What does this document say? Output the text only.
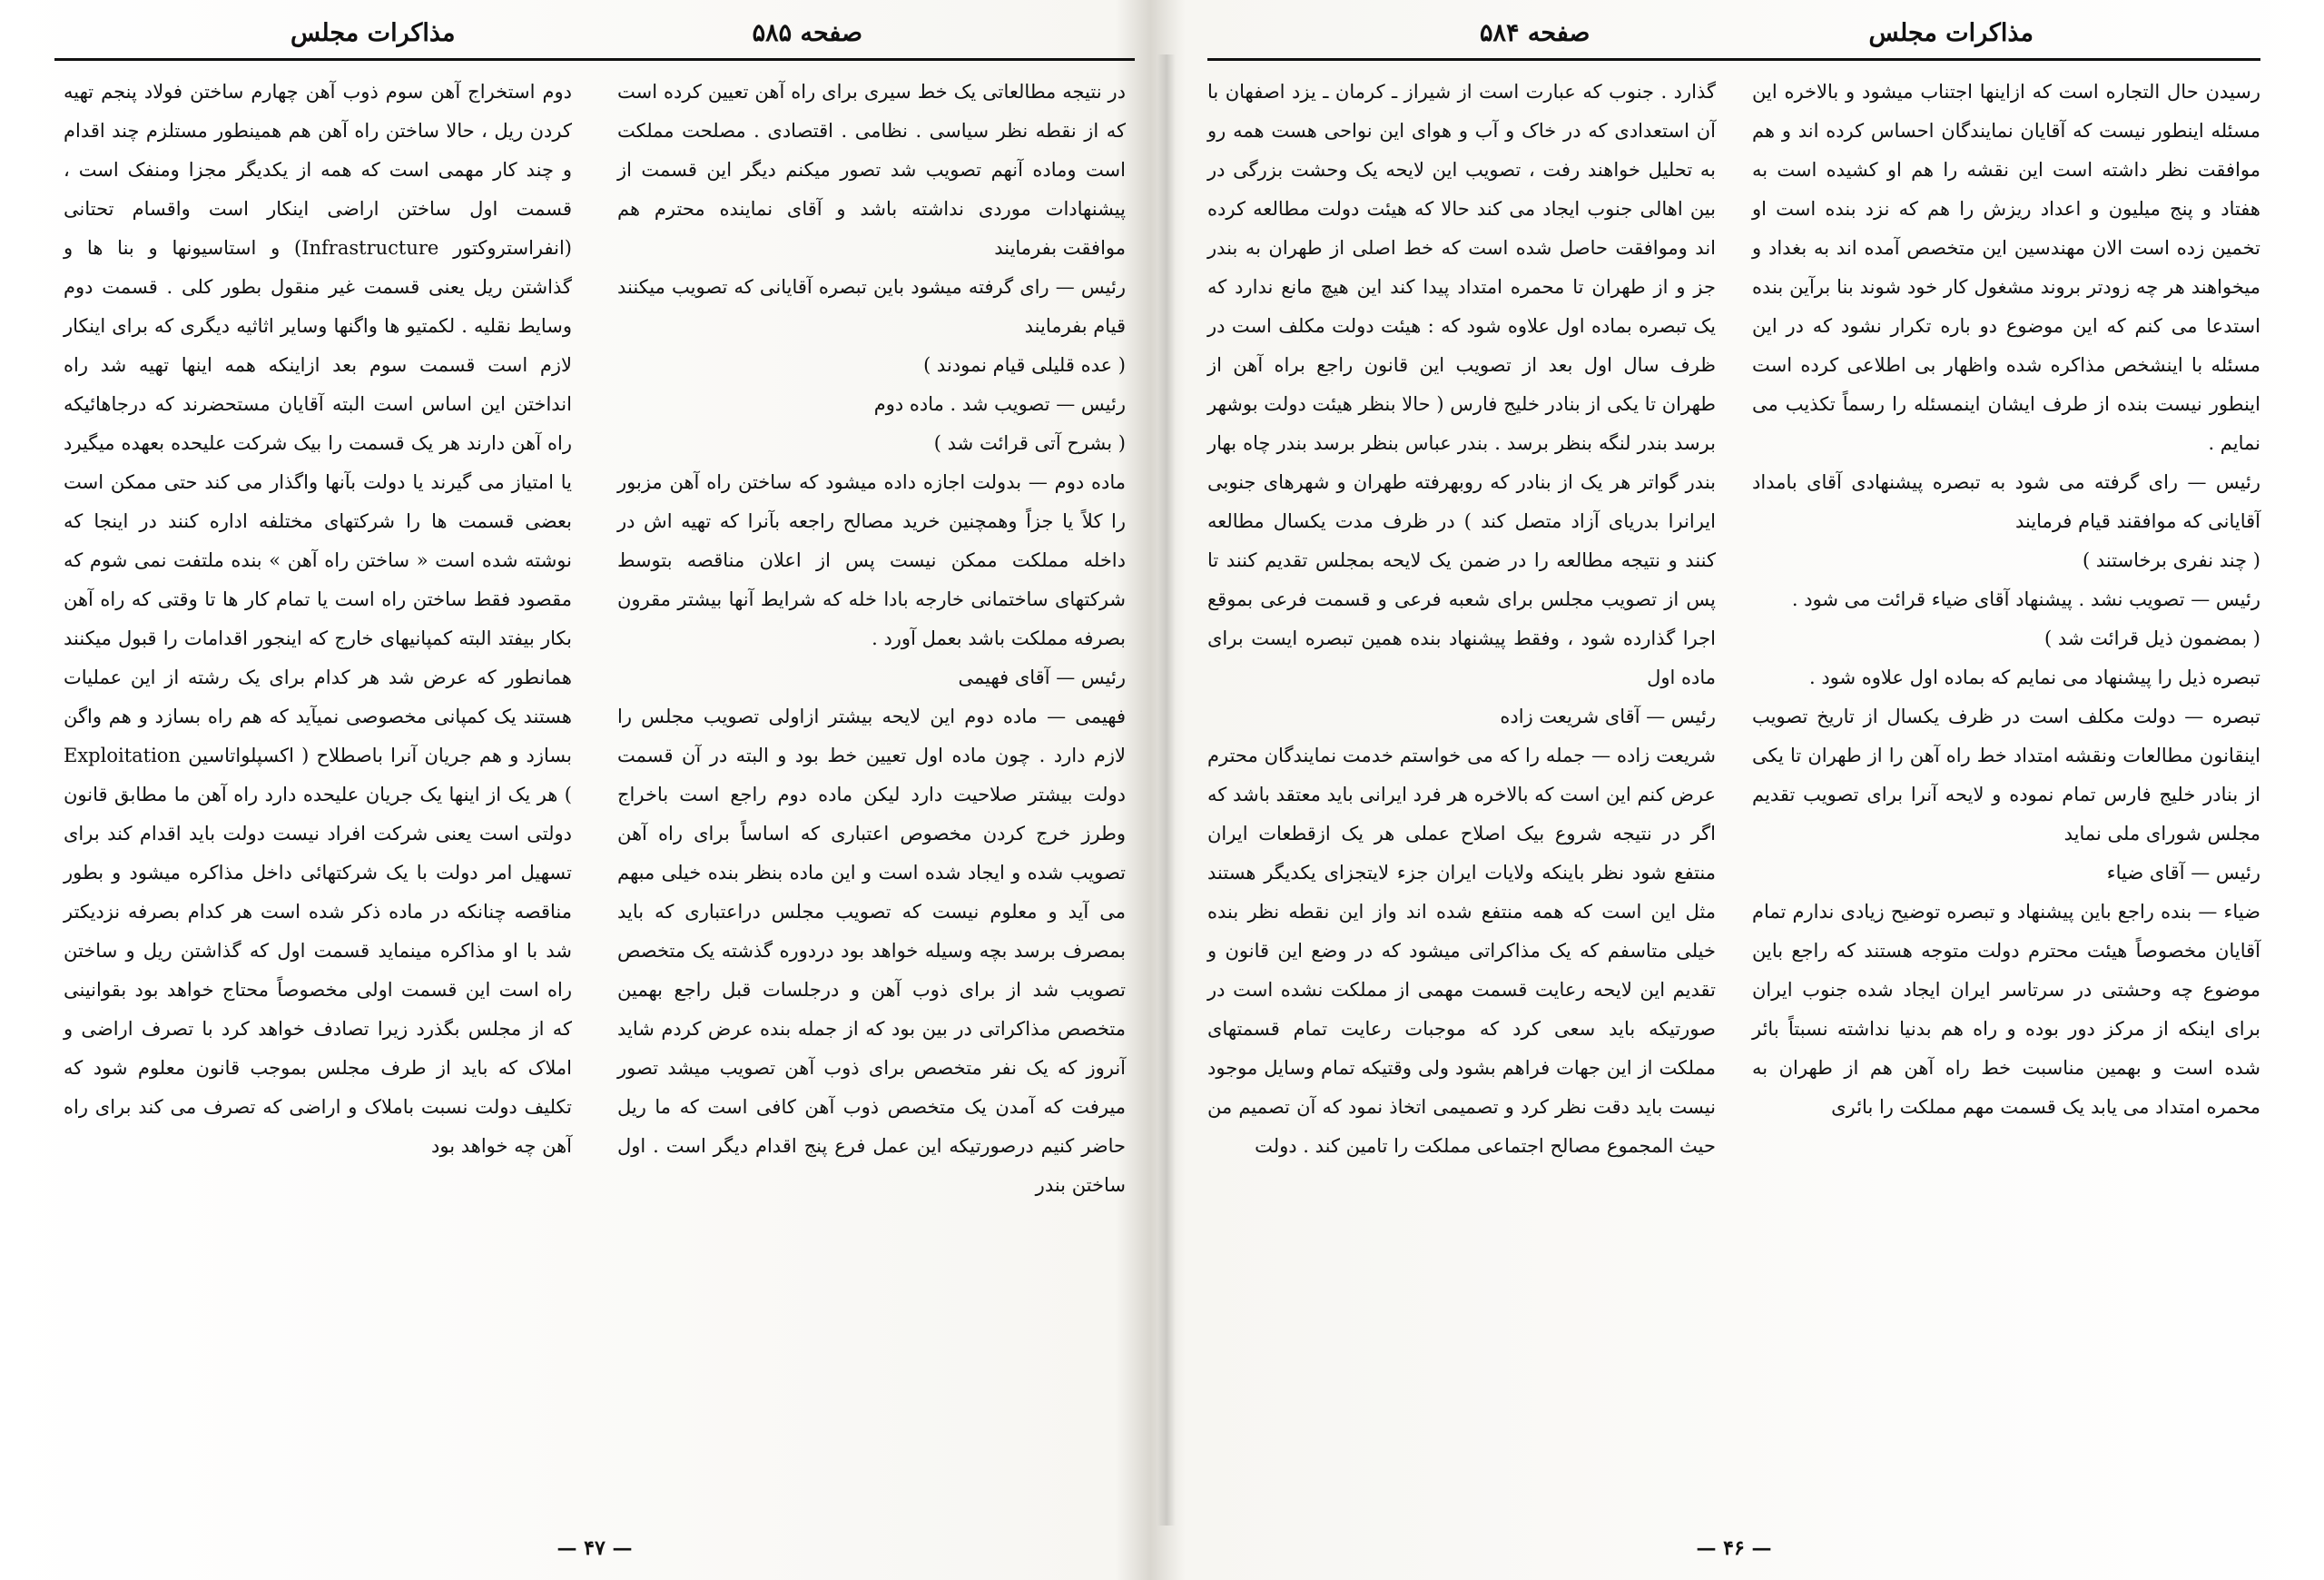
صفحه ۵۸۵
مذاکرات مجلس
در نتیجه مطالعاتی یک خط سیری برای راه آهن تعیین کرده است که از نقطه نظر سیاسی . نظامی . اقتصادی . مصلحت مملکت است وماده آنهم تصویب شد تصور میکنم دیگر این قسمت از پیشنهادات موردی نداشته باشد و آقای نماینده محترم هم موافقت بفرمایند
رئیس — رای گرفته میشود باین تبصره آقایانی که تصویب میکنند قیام بفرمایند
( عده قلیلی قیام نمودند )
رئیس — تصویب شد . ماده دوم
( بشرح آتی قرائت شد )
ماده دوم — بدولت اجازه داده میشود که ساختن راه آهن مزبور را کلاً یا جزاً وهمچنین خرید مصالح راجعه بآنرا که تهیه اش در داخله مملکت ممکن نیست پس از اعلان مناقصه بتوسط شرکتهای ساختمانی خارجه بادا خله که شرایط آنها بیشتر مقرون بصرفه مملکت باشد بعمل آورد .
رئیس — آقای فهیمی
فهیمی — ماده دوم این لایحه بیشتر ازاولی تصویب مجلس را لازم دارد . چون ماده اول تعیین خط بود و البته در آن قسمت دولت بیشتر صلاحیت دارد لیکن ماده دوم راجع است باخراج وطرز خرج کردن مخصوص اعتباری که اساساً برای راه آهن تصویب شده و ایجاد شده است و این ماده بنظر بنده خیلی مبهم می آید و معلوم نیست که تصویب مجلس دراعتباری که باید بمصرف برسد بچه وسیله خواهد بود دردوره گذشته یک متخصص تصویب شد از برای ذوب آهن و درجلسات قبل راجع بهمین متخصص مذاکراتی در بین بود که از جمله بنده عرض کردم شاید آنروز که یک نفر متخصص برای ذوب آهن تصویب میشد تصور میرفت که آمدن یک متخصص ذوب آهن کافی است که ما ریل حاضر کنیم درصورتیکه این عمل فرع پنج اقدام دیگر است . اول ساختن بندر
دوم استخراج آهن سوم ذوب آهن چهارم ساختن فولاد پنجم تهیه کردن ریل ، حالا ساختن راه آهن هم همینطور مستلزم چند اقدام و چند کار مهمی است که همه از یکدیگر مجزا ومنفک است ، قسمت اول ساختن اراضی اینکار است واقسام تحتانی (انفراستروکتور Infrastructure) و استاسیونها و بنا ها و گذاشتن ریل یعنی قسمت غیر منقول بطور کلی . قسمت دوم وسایط نقلیه . لکمتیو ها واگنها وسایر اثاثیه دیگری که برای اینکار لازم است قسمت سوم بعد ازاینکه همه اینها تهیه شد راه انداختن این اساس است البته آقایان مستحضرند که درجاهائیکه راه آهن دارند هر یک قسمت را بیک شرکت علیحده بعهده میگیرد یا امتیاز می گیرند یا دولت بآنها واگذار می کند حتی ممکن است بعضی قسمت ها را شرکتهای مختلفه اداره کنند در اینجا که نوشته شده است « ساختن راه آهن » بنده ملتفت نمی شوم که مقصود فقط ساختن راه است یا تمام کار ها تا وقتی که راه آهن بکار بیفتد البته کمپانیهای خارج که اینجور اقدامات را قبول میکنند همانطور که عرض شد هر کدام برای یک رشته از این عملیات هستند یک کمپانی مخصوصی نمیآید که هم راه بسازد و هم واگن بسازد و هم جریان آنرا باصطلاح ( اکسپلواتاسین Exploitation ) هر یک از اینها یک جریان علیحده دارد راه آهن ما مطابق قانون دولتی است یعنی شرکت افراد نیست دولت باید اقدام کند برای تسهیل امر دولت با یک شرکتهائی داخل مذاکره میشود و بطور مناقصه چنانکه در ماده ذکر شده است هر کدام بصرفه نزدیکتر شد با او مذاکره مینماید قسمت اول که گذاشتن ریل و ساختن راه است این قسمت اولی مخصوصاً محتاج خواهد بود بقوانینی که از مجلس بگذرد زیرا تصادف خواهد کرد با تصرف اراضی و املاک که باید از طرف مجلس بموجب قانون معلوم شود که تکلیف دولت نسبت باملاک و اراضی که تصرف می کند برای راه آهن چه خواهد بود
— ۴۷ —
مذاکرات مجلس
صفحه ۵۸۴
رسیدن حال التجاره است که ازاینها اجتناب میشود و بالاخره این مسئله اینطور نیست که آقایان نمایندگان احساس کرده اند و هم موافقت نظر داشته است این نقشه را هم او کشیده است به هفتاد و پنج میلیون و اعداد ریزش را هم که نزد بنده است او تخمین زده است الان مهندسین این متخصص آمده اند به بغداد و میخواهند هر چه زودتر بروند مشغول کار خود شوند بنا برآین بنده استدعا می کنم که این موضوع دو باره تکرار نشود که در این مسئله با اینشخص مذاکره شده واظهار بی اطلاعی کرده است اینطور نیست بنده از طرف ایشان اینمسئله را رسماً تکذیب می نمایم .
رئیس — رای گرفته می شود به تبصره پیشنهادی آقای بامداد آقایانی که موافقند قیام فرمایند
( چند نفری برخاستند )
رئیس — تصویب نشد . پیشنهاد آقای ضیاء قرائت می شود .
( بمضمون ذیل قرائت شد )
تبصره ذیل را پیشنهاد می نمایم که بماده اول علاوه شود .
تبصره — دولت مکلف است در ظرف یکسال از تاریخ تصویب اینقانون مطالعات ونقشه امتداد خط راه آهن را از طهران تا یکی از بنادر خلیج فارس تمام نموده و لایحه آنرا برای تصویب تقدیم مجلس شورای ملی نماید
رئیس — آقای ضیاء
ضیاء — بنده راجع باین پیشنهاد و تبصره توضیح زیادی ندارم تمام آقایان مخصوصاً هیئت محترم دولت متوجه هستند که راجع باین موضوع چه وحشتی در سرتاسر ایران ایجاد شده جنوب ایران برای اینکه از مرکز دور بوده و راه هم بدنیا نداشته نسبتاً بائر شده است و بهمین مناسبت خط راه آهن هم از طهران به محمره امتداد می یابد یک قسمت مهم مملکت را بائری
گذارد . جنوب که عبارت است از شیراز ـ کرمان ـ یزد اصفهان با آن استعدادی که در خاک و آب و هوای این نواحی هست همه رو به تحلیل خواهند رفت ، تصویب این لایحه یک وحشت بزرگی در بین اهالی جنوب ایجاد می کند حالا که هیئت دولت مطالعه کرده اند وموافقت حاصل شده است که خط اصلی از طهران به بندر جز و از طهران تا محمره امتداد پیدا کند این هیچ مانع ندارد که یک تبصره بماده اول علاوه شود که : هیئت دولت مکلف است در ظرف سال اول بعد از تصویب این قانون راجع براه آهن از طهران تا یکی از بنادر خلیج فارس ( حالا بنظر هیئت دولت بوشهر برسد بندر لنگه بنظر برسد . بندر عباس بنظر برسد بندر چاه بهار بندر گواتر هر یک از بنادر که روبهرفته طهران و شهرهای جنوبی ایرانرا بدریای آزاد متصل کند ) در ظرف مدت یکسال مطالعه کنند و نتیجه مطالعه را در ضمن یک لایحه بمجلس تقدیم کنند تا پس از تصویب مجلس برای شعبه فرعی و قسمت فرعی بموقع اجرا گذارده شود ، وفقط پیشنهاد بنده همین تبصره ایست برای ماده اول
رئیس — آقای شریعت زاده
شریعت زاده — جمله را که می خواستم خدمت نمایندگان محترم عرض کنم این است که بالاخره هر فرد ایرانی باید معتقد باشد که اگر در نتیجه شروع بیک اصلاح عملی هر یک ازقطعات ایران منتفع شود نظر باینکه ولایات ایران جزء لایتجزای یکدیگر هستند مثل این است که همه منتفع شده اند واز این نقطه نظر بنده خیلی متاسفم که یک مذاکراتی میشود که در وضع این قانون و تقدیم این لایحه رعایت قسمت مهمی از مملکت نشده است در صورتیکه باید سعی کرد که موجبات رعایت تمام قسمتهای مملکت از این جهات فراهم بشود ولی وقتیکه تمام وسایل موجود نیست باید دقت نظر کرد و تصمیمی اتخاذ نمود که آن تصمیم من حیث المجموع مصالح اجتماعی مملکت را تامین کند . دولت
— ۴۶ —
